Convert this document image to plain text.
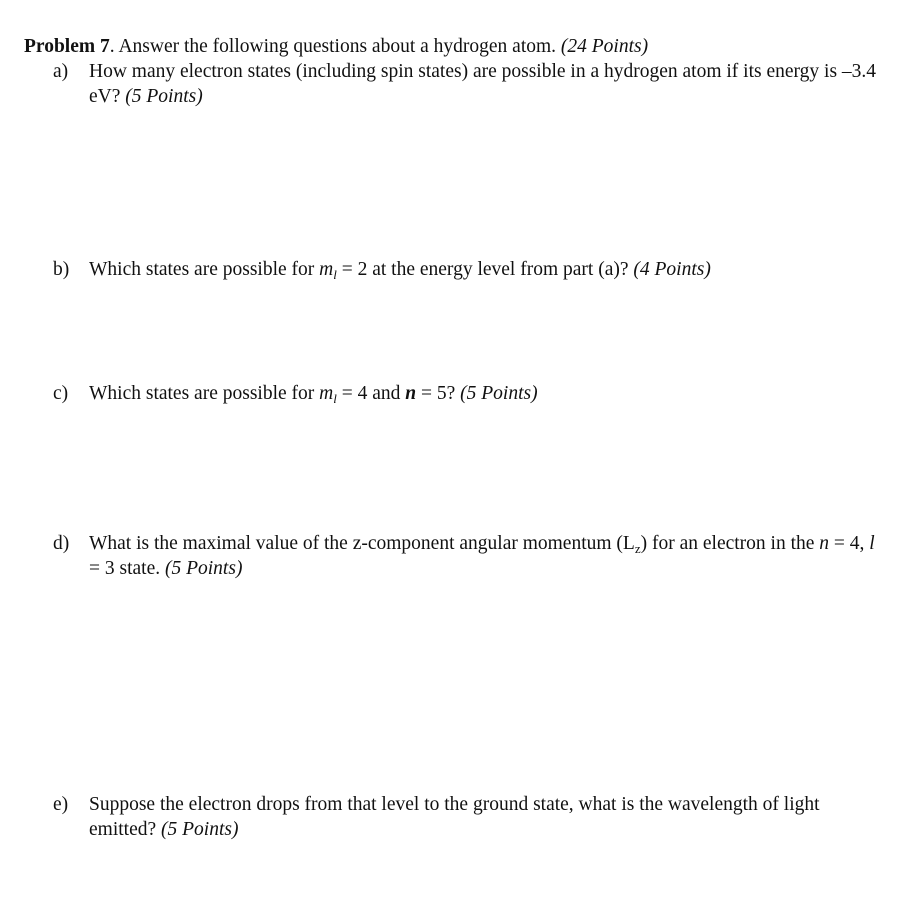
Problem 7. Answer the following questions about a hydrogen atom. (24 Points)
a) How many electron states (including spin states) are possible in a hydrogen atom if its energy is –3.4 eV? (5 Points)
b) Which states are possible for $m_l = 2$ at the energy level from part (a)? (4 Points)
c) Which states are possible for $m_l = 4$ and n = 5? (5 Points)
d) What is the maximal value of the z-component angular momentum $(L_z)$ for an electron in the n = 4, l = 3 state. (5 Points)
e) Suppose the electron drops from that level to the ground state, what is the wavelength of light emitted? (5 Points)
